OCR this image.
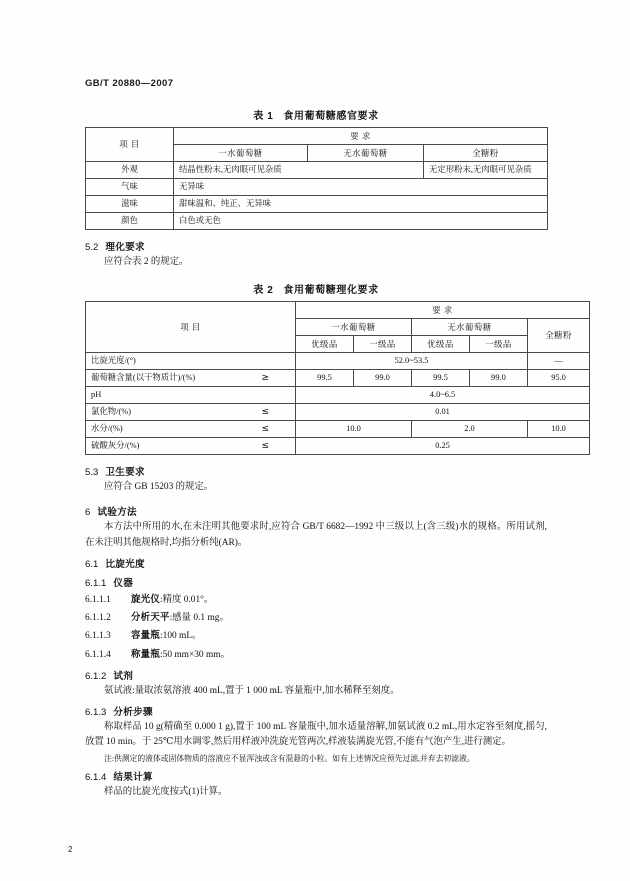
GB/T 20880—2007
表 1 食用葡萄糖感官要求
项 目	要 求		
	一水葡萄糖	无水葡萄糖	全糖粉
外观	结晶性粉末,无肉眼可见杂质		无定形粉末,无肉眼可见杂质
气味	无异味		
滋味	甜味温和、纯正、无异味		
颜色	白色或无色		
5.2 理化要求

应符合表 2 的规定。

表 2 食用葡萄糖理化要求
项 目	要 求				
	一水葡萄糖		无水葡萄糖		全糖粉
	优级品	一级品	优级品	一级品	

比旋光度/(°)	52.0~53.5				—

葡萄糖含量(以干物质计)/(%) ≥	99.5	99.0	99.5	99.0	95.0

pH	4.0~6.5				

氯化物/(%) ≤	0.01				

水分/(%) ≤	10.0		2.0		10.0

硫酸灰分/(%) ≤	0.25				
5.3 卫生要求

应符合 GB 15203 的规定。

6 试验方法

本方法中所用的水,在未注明其他要求时,应符合 GB/T 6682—1992 中三级以上(含三级)水的规格。所用试剂,在未注明其他规格时,均指分析纯(AR)。

6.1 比旋光度
6.1.1 仪器
6.1.1.1 旋光仪:精度 0.01°。
6.1.1.2 分析天平:感量 0.1 mg。
6.1.1.3 容量瓶:100 mL。
6.1.1.4 称量瓶:50 mm×30 mm。
6.1.2 试剂

氨试液:量取浓氨溶液 400 mL,置于 1 000 mL 容量瓶中,加水稀释至刻度。

6.1.3 分析步骤

称取样品 10 g(精确至 0.000 1 g),置于 100 mL 容量瓶中,加水适量溶解,加氨试液 0.2 mL,用水定容至刻度,摇匀,放置 10 min。于 25℃用水调零,然后用样液冲洗旋光管两次,样液装满旋光管,不能有气泡产生,进行测定。

注:供测定的液体或固体物质的溶液应不显浑浊或含有混悬的小粒。如有上述情况应预先过滤,并弃去初滤液。

6.1.4 结果计算

样品的比旋光度按式(1)计算。

2
